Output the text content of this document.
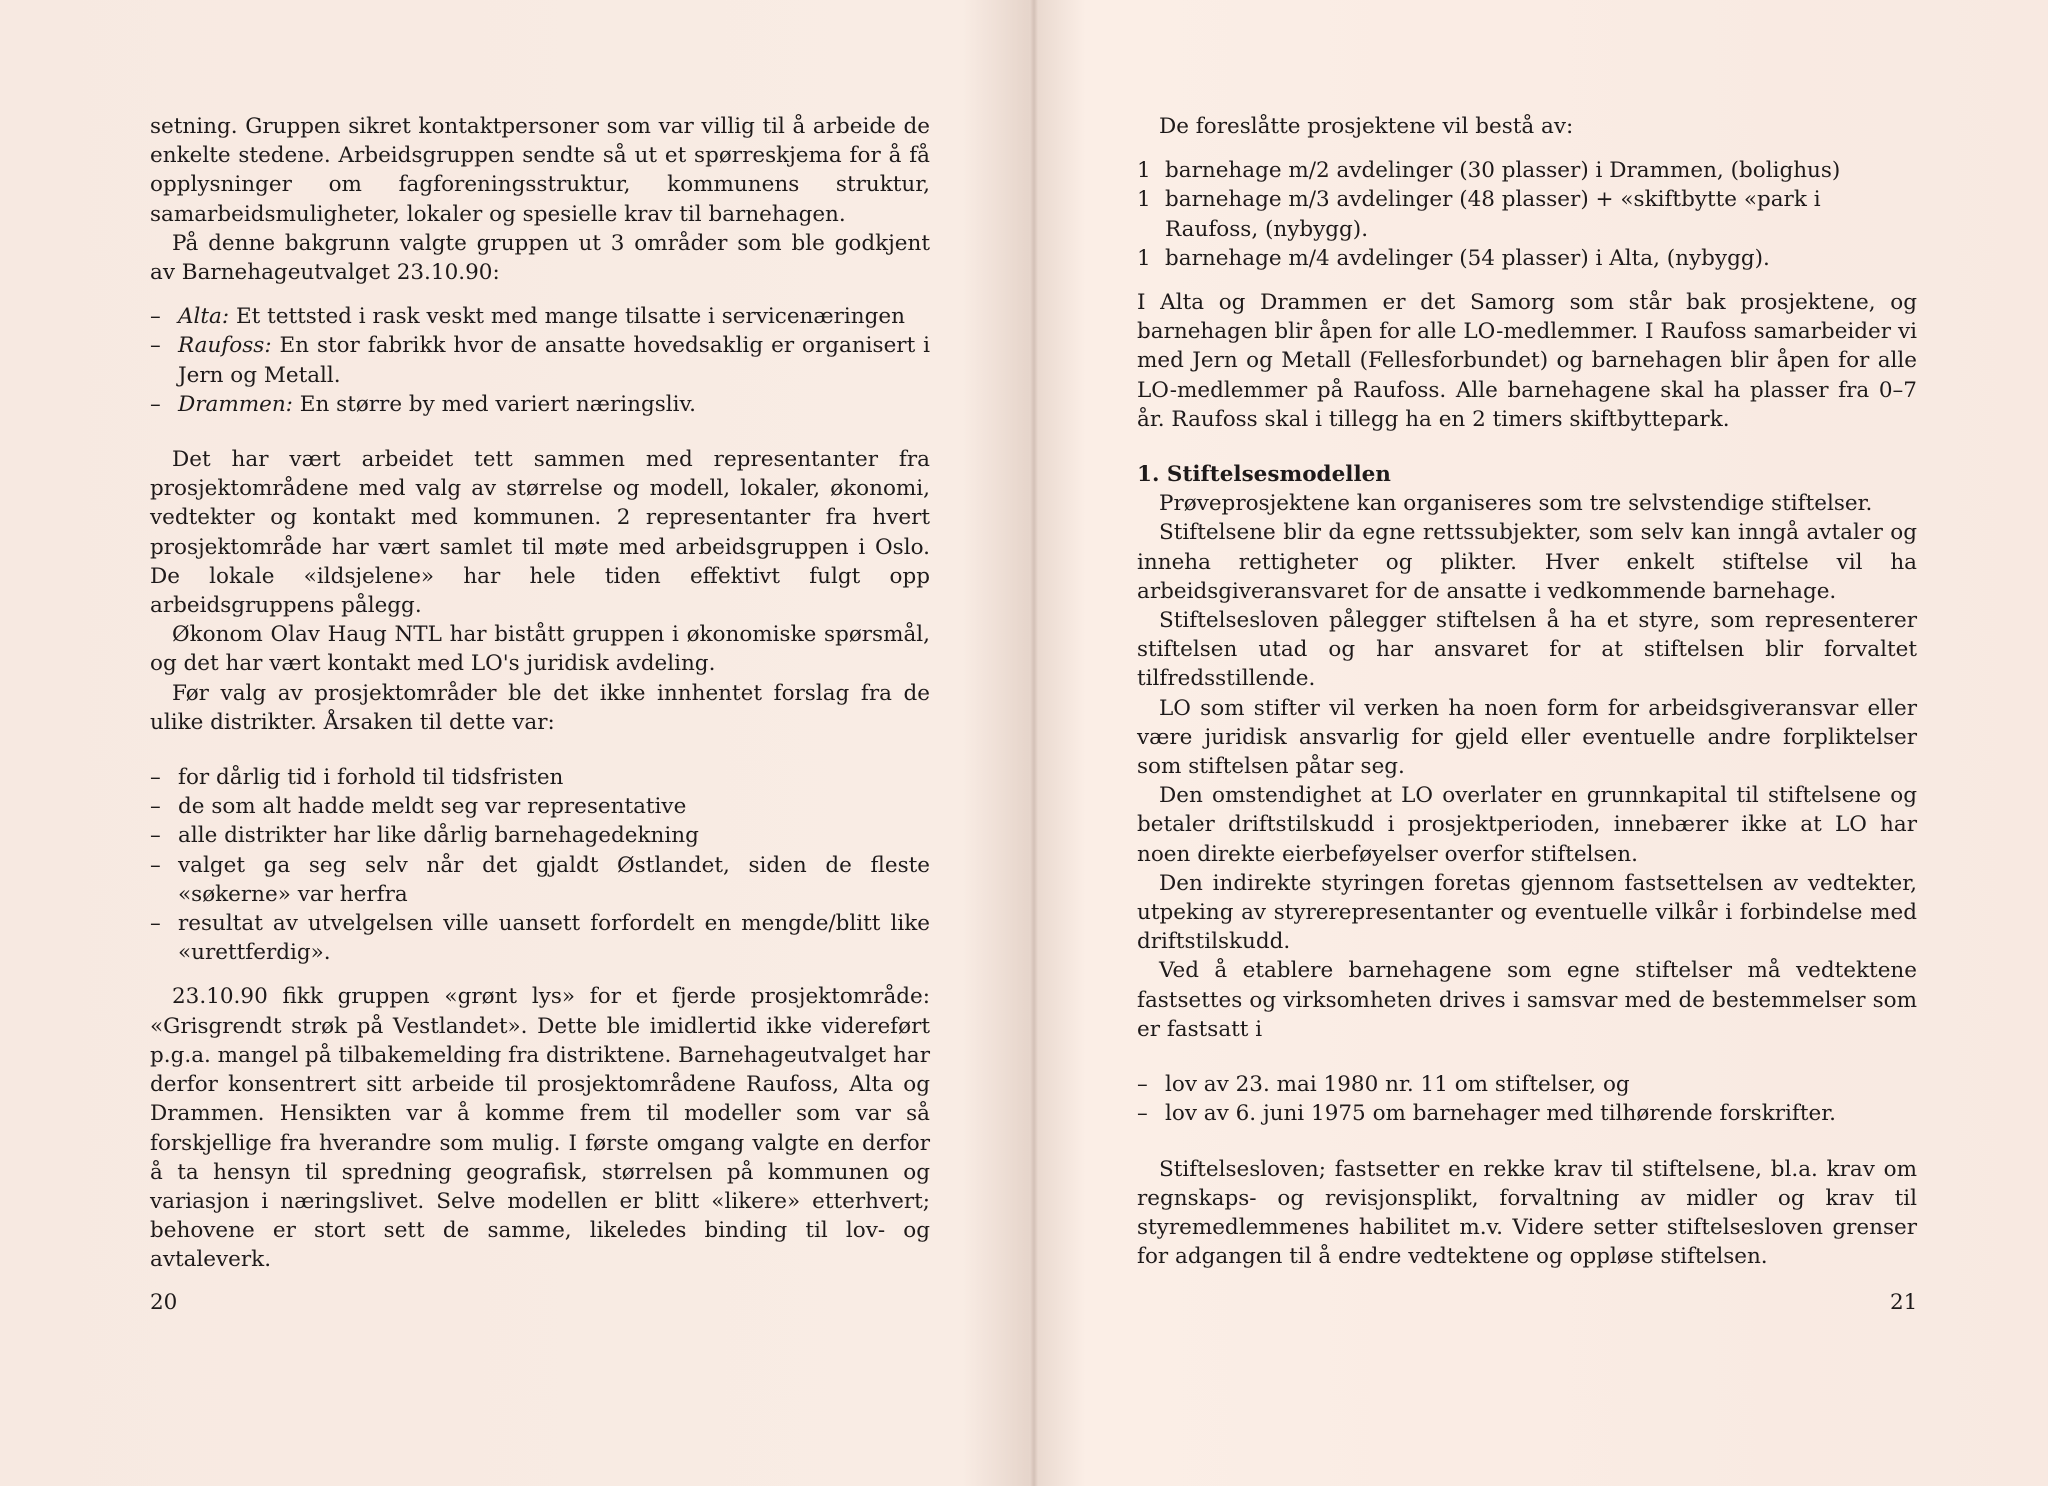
setning. Gruppen sikret kontaktpersoner som var villig til å arbeide de enkelte stedene. Arbeidsgruppen sendte så ut et spørreskjema for å få opplysninger om fagforeningsstruktur, kommunens struktur, samarbeidsmuligheter, lokaler og spesielle krav til barnehagen.

På denne bakgrunn valgte gruppen ut 3 områder som ble godkjent av Barnehageutvalget 23.10.90:

– Alta: Et tettsted i rask veskt med mange tilsatte i servicenæringen
– Raufoss: En stor fabrikk hvor de ansatte hovedsaklig er organisert i Jern og Metall.
– Drammen: En større by med variert næringsliv.

Det har vært arbeidet tett sammen med representanter fra prosjektområdene med valg av størrelse og modell, lokaler, økonomi, vedtekter og kontakt med kommunen. 2 representanter fra hvert prosjektområde har vært samlet til møte med arbeidsgruppen i Oslo. De lokale «ildsjelene» har hele tiden effektivt fulgt opp arbeidsgruppens pålegg.

Økonom Olav Haug NTL har bistått gruppen i økonomiske spørsmål, og det har vært kontakt med LO's juridisk avdeling.

Før valg av prosjektområder ble det ikke innhentet forslag fra de ulike distrikter. Årsaken til dette var:

– for dårlig tid i forhold til tidsfristen
– de som alt hadde meldt seg var representative
– alle distrikter har like dårlig barnehagedekning
– valget ga seg selv når det gjaldt Østlandet, siden de fleste «søkerne» var herfra
– resultat av utvelgelsen ville uansett forfordelt en mengde/blitt like «urettferdig».

23.10.90 fikk gruppen «grønt lys» for et fjerde prosjektområde: «Grisgrendt strøk på Vestlandet». Dette ble imidlertid ikke videreført p.g.a. mangel på tilbakemelding fra distriktene. Barnehageutvalget har derfor konsentrert sitt arbeide til prosjektområdene Raufoss, Alta og Drammen. Hensikten var å komme frem til modeller som var så forskjellige fra hverandre som mulig. I første omgang valgte en derfor å ta hensyn til spredning geografisk, størrelsen på kommunen og variasjon i næringslivet. Selve modellen er blitt «likere» etterhvert; behovene er stort sett de samme, likeledes binding til lov- og avtaleverk.

20

De foreslåtte prosjektene vil bestå av:

1 barnehage m/2 avdelinger (30 plasser) i Drammen, (bolighus)
1 barnehage m/3 avdelinger (48 plasser) + «skiftbytte «park i Raufoss, (nybygg).
1 barnehage m/4 avdelinger (54 plasser) i Alta, (nybygg).

I Alta og Drammen er det Samorg som står bak prosjektene, og barnehagen blir åpen for alle LO-medlemmer. I Raufoss samarbeider vi med Jern og Metall (Fellesforbundet) og barnehagen blir åpen for alle LO-medlemmer på Raufoss. Alle barnehagene skal ha plasser fra 0–7 år. Raufoss skal i tillegg ha en 2 timers skiftbyttepark.

1. Stiftelsesmodellen

Prøveprosjektene kan organiseres som tre selvstendige stiftelser.

Stiftelsene blir da egne rettssubjekter, som selv kan inngå avtaler og inneha rettigheter og plikter. Hver enkelt stiftelse vil ha arbeidsgiveransvaret for de ansatte i vedkommende barnehage.

Stiftelsesloven pålegger stiftelsen å ha et styre, som representerer stiftelsen utad og har ansvaret for at stiftelsen blir forvaltet tilfredsstillende.

LO som stifter vil verken ha noen form for arbeidsgiveransvar eller være juridisk ansvarlig for gjeld eller eventuelle andre forpliktelser som stiftelsen påtar seg.

Den omstendighet at LO overlater en grunnkapital til stiftelsene og betaler driftstilskudd i prosjektperioden, innebærer ikke at LO har noen direkte eierbeføyelser overfor stiftelsen.

Den indirekte styringen foretas gjennom fastsettelsen av vedtekter, utpeking av styrerepresentanter og eventuelle vilkår i forbindelse med driftstilskudd.

Ved å etablere barnehagene som egne stiftelser må vedtektene fastsettes og virksomheten drives i samsvar med de bestemmelser som er fastsatt i

– lov av 23. mai 1980 nr. 11 om stiftelser, og
– lov av 6. juni 1975 om barnehager med tilhørende forskrifter.

Stiftelsesloven; fastsetter en rekke krav til stiftelsene, bl.a. krav om regnskaps- og revisjonsplikt, forvaltning av midler og krav til styremedlemmenes habilitet m.v. Videre setter stiftelsesloven grenser for adgangen til å endre vedtektene og oppløse stiftelsen.

21
